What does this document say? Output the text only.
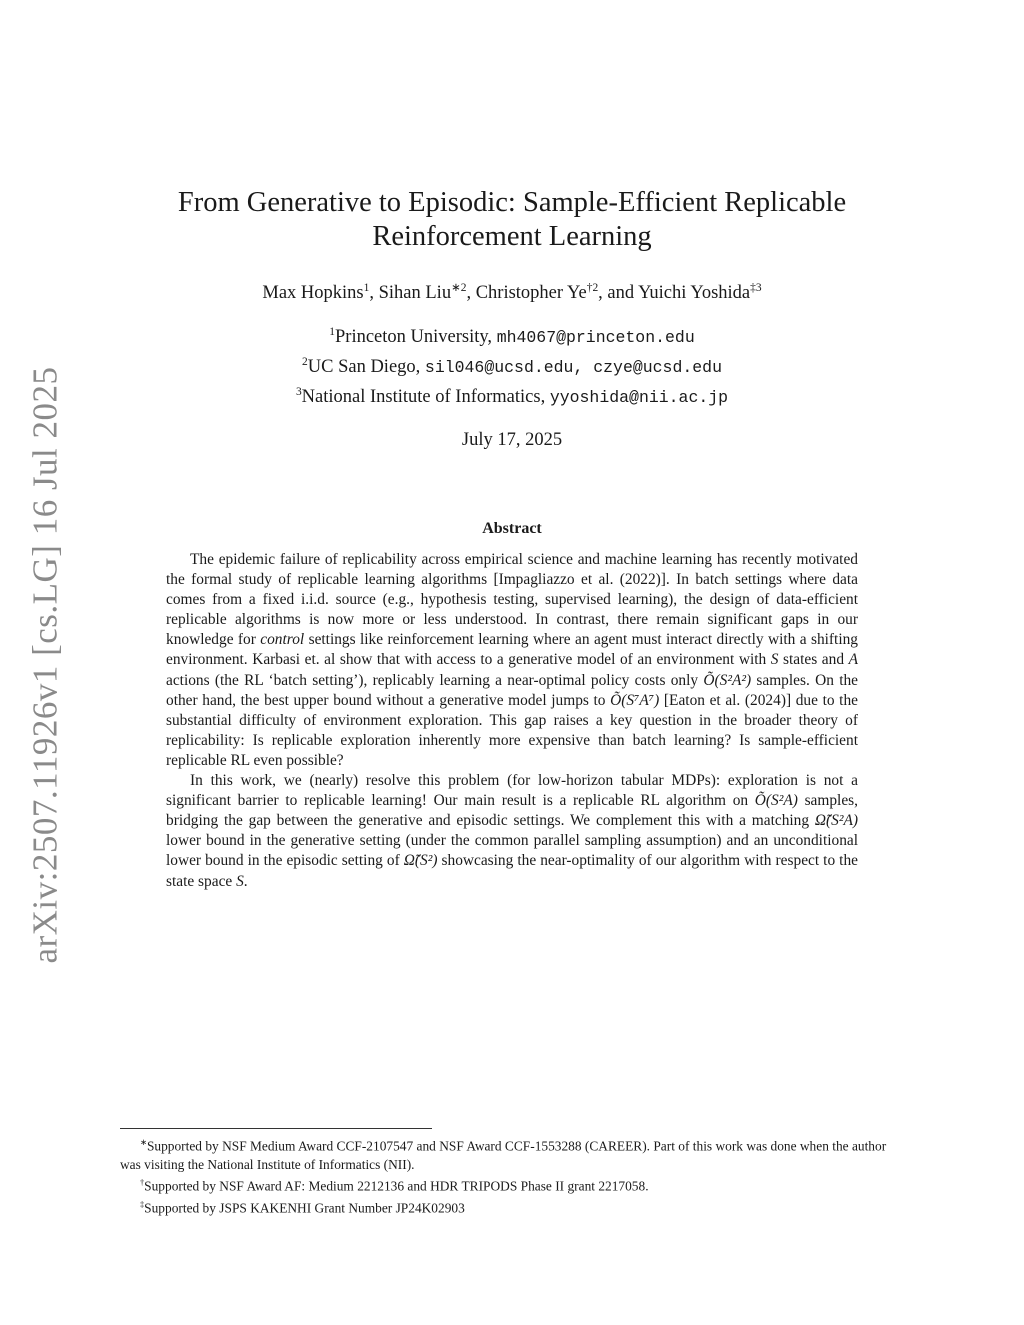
arXiv:2507.11926v1 [cs.LG] 16 Jul 2025
From Generative to Episodic: Sample-Efficient Replicable
Reinforcement Learning
Max Hopkins$^1$, Sihan Liu$^{∗2}$, Christopher Ye$^{\dagger 2}$, and Yuichi Yoshida$^{\ddagger 3}$
$^1$Princeton University, mh4067@princeton.edu
$^2$UC San Diego, sil046@ucsd.edu, czye@ucsd.edu
$^3$National Institute of Informatics, yyoshida@nii.ac.jp
July 17, 2025
Abstract

The epidemic failure of replicability across empirical science and machine learning has recently motivated the formal study of replicable learning algorithms [Impagliazzo et al. (2022)]. In batch settings where data comes from a fixed i.i.d. source (e.g., hypothesis testing, supervised learning), the design of data-efficient replicable algorithms is now more or less understood. In contrast, there remain significant gaps in our knowledge for control settings like reinforcement learning where an agent must interact directly with a shifting environment. Karbasi et. al show that with access to a generative model of an environment with S states and A actions (the RL ‘batch setting’), replicably learning a near-optimal policy costs only Õ(S²A²) samples. On the other hand, the best upper bound without a generative model jumps to Õ(S⁷A⁷) [Eaton et al. (2024)] due to the substantial difficulty of environment exploration. This gap raises a key question in the broader theory of replicability: Is replicable exploration inherently more expensive than batch learning? Is sample-efficient replicable RL even possible?

In this work, we (nearly) resolve this problem (for low-horizon tabular MDPs): exploration is not a significant barrier to replicable learning! Our main result is a replicable RL algorithm on Õ(S²A) samples, bridging the gap between the generative and episodic settings. We complement this with a matching Ω̃(S²A) lower bound in the generative setting (under the common parallel sampling assumption) and an unconditional lower bound in the episodic setting of Ω̃(S²) showcasing the near-optimality of our algorithm with respect to the state space S.

∗Supported by NSF Medium Award CCF-2107547 and NSF Award CCF-1553288 (CAREER). Part of this work was done when the author was visiting the National Institute of Informatics (NII).

†Supported by NSF Award AF: Medium 2212136 and HDR TRIPODS Phase II grant 2217058.

‡Supported by JSPS KAKENHI Grant Number JP24K02903
